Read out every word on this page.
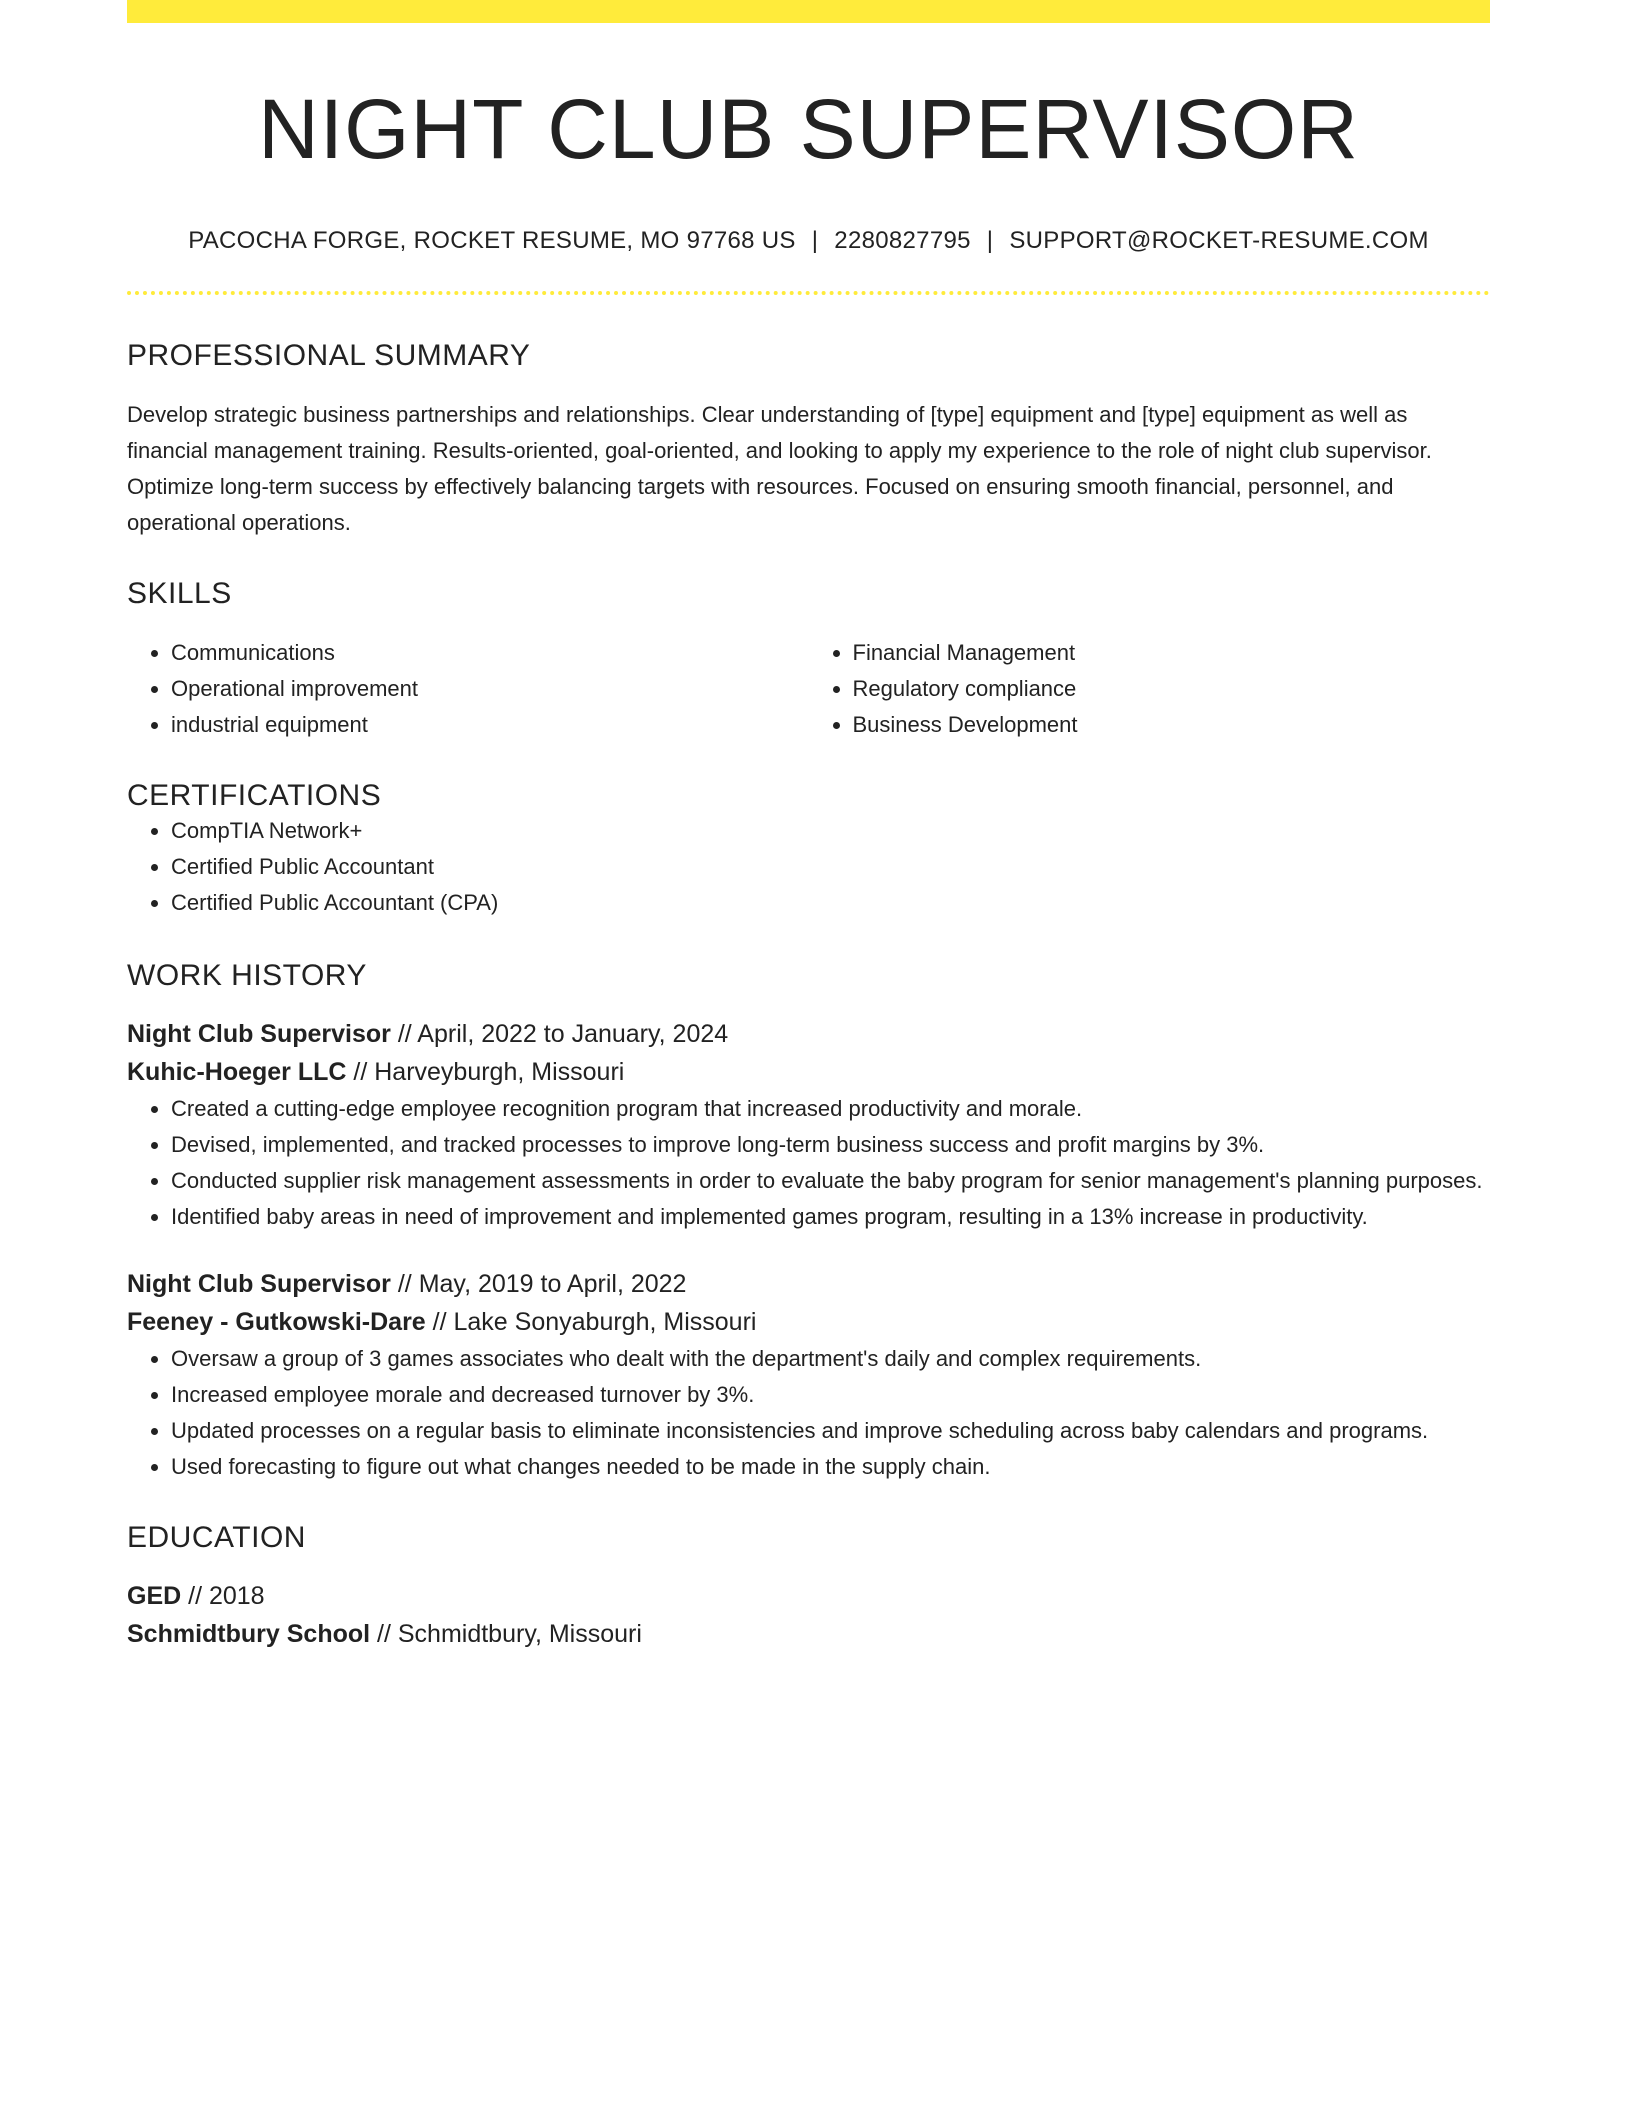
NIGHT CLUB SUPERVISOR
PACOCHA FORGE, ROCKET RESUME, MO 97768 US | 2280827795 | SUPPORT@ROCKET-RESUME.COM
PROFESSIONAL SUMMARY
Develop strategic business partnerships and relationships. Clear understanding of [type] equipment and [type] equipment as well as financial management training. Results-oriented, goal-oriented, and looking to apply my experience to the role of night club supervisor. Optimize long-term success by effectively balancing targets with resources. Focused on ensuring smooth financial, personnel, and operational operations.
SKILLS
• Communications
• Operational improvement
• industrial equipment
• Financial Management
• Regulatory compliance
• Business Development
CERTIFICATIONS
• CompTIA Network+
• Certified Public Accountant
• Certified Public Accountant (CPA)
WORK HISTORY
Night Club Supervisor // April, 2022 to January, 2024
Kuhic-Hoeger LLC // Harveyburgh, Missouri
• Created a cutting-edge employee recognition program that increased productivity and morale.
• Devised, implemented, and tracked processes to improve long-term business success and profit margins by 3%.
• Conducted supplier risk management assessments in order to evaluate the baby program for senior management's planning purposes.
• Identified baby areas in need of improvement and implemented games program, resulting in a 13% increase in productivity.
Night Club Supervisor // May, 2019 to April, 2022
Feeney - Gutkowski-Dare // Lake Sonyaburgh, Missouri
• Oversaw a group of 3 games associates who dealt with the department's daily and complex requirements.
• Increased employee morale and decreased turnover by 3%.
• Updated processes on a regular basis to eliminate inconsistencies and improve scheduling across baby calendars and programs.
• Used forecasting to figure out what changes needed to be made in the supply chain.
EDUCATION
GED // 2018
Schmidtbury School // Schmidtbury, Missouri
